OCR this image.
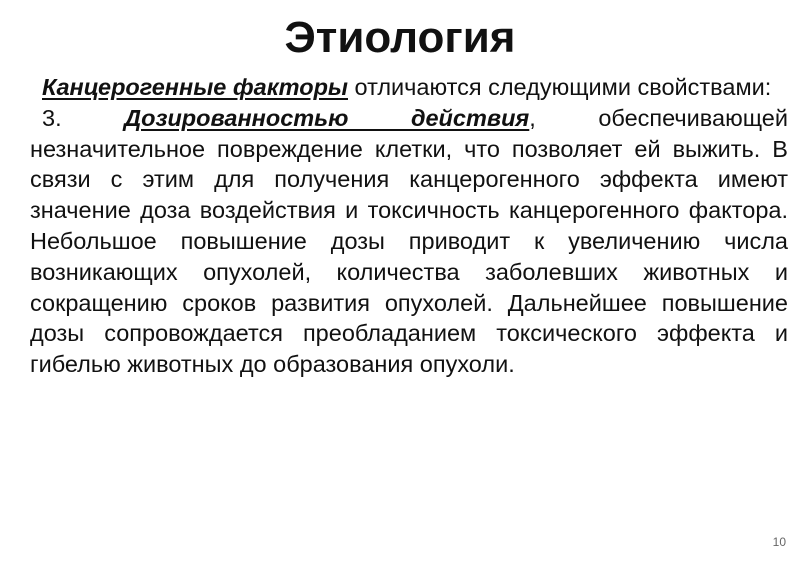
Этиология

Канцерогенные факторы отличаются следующими свойствами:

3. Дозированностью действия, обеспечивающей незначительное повреждение клетки, что позволяет ей выжить. В связи с этим для получения канцерогенного эффекта имеют значение доза воздействия и токсичность канцерогенного фактора. Небольшое повышение дозы приводит к увеличению числа возникающих опухолей, количества заболевших животных и сокращению сроков развития опухолей. Дальнейшее повышение дозы сопровождается преобладанием токсического эффекта и гибелью животных до образования опухоли.

10
